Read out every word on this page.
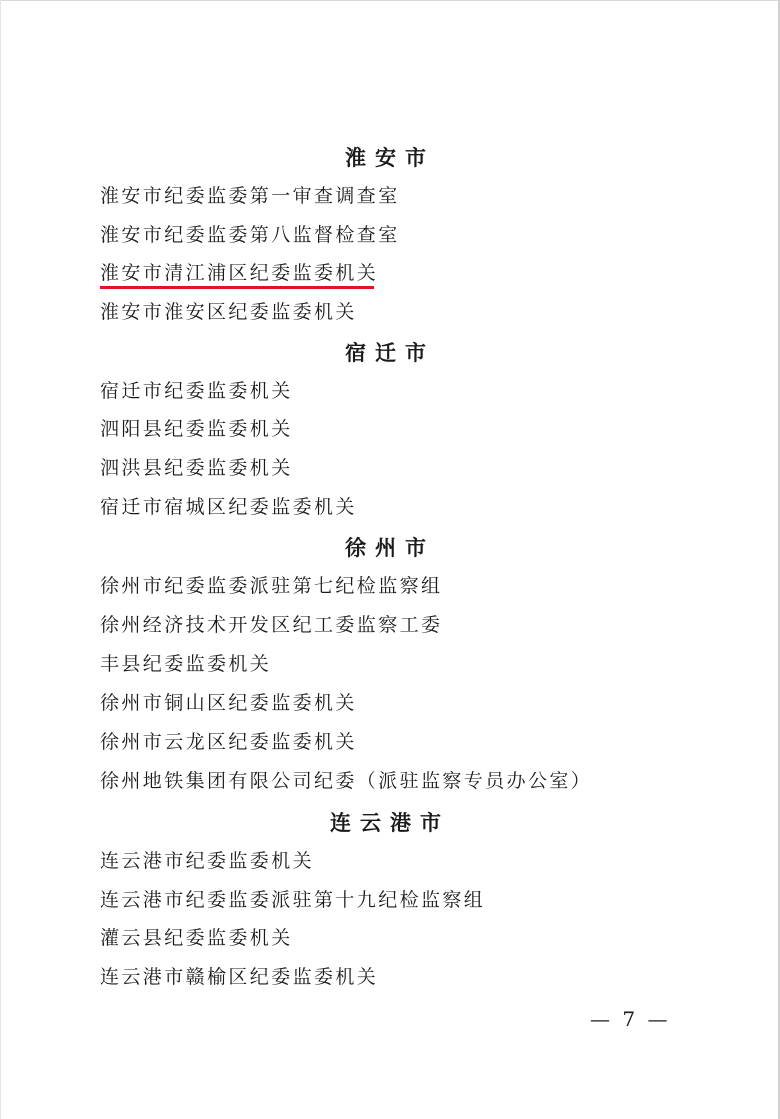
淮安市
淮安市纪委监委第一审查调查室
淮安市纪委监委第八监督检查室
淮安市清江浦区纪委监委机关
淮安市淮安区纪委监委机关
宿迁市
宿迁市纪委监委机关
泗阳县纪委监委机关
泗洪县纪委监委机关
宿迁市宿城区纪委监委机关
徐州市
徐州市纪委监委派驻第七纪检监察组
徐州经济技术开发区纪工委监察工委
丰县纪委监委机关
徐州市铜山区纪委监委机关
徐州市云龙区纪委监委机关
徐州地铁集团有限公司纪委（派驻监察专员办公室）
连云港市
连云港市纪委监委机关
连云港市纪委监委派驻第十九纪检监察组
灌云县纪委监委机关
连云港市赣榆区纪委监委机关
— 7 —
